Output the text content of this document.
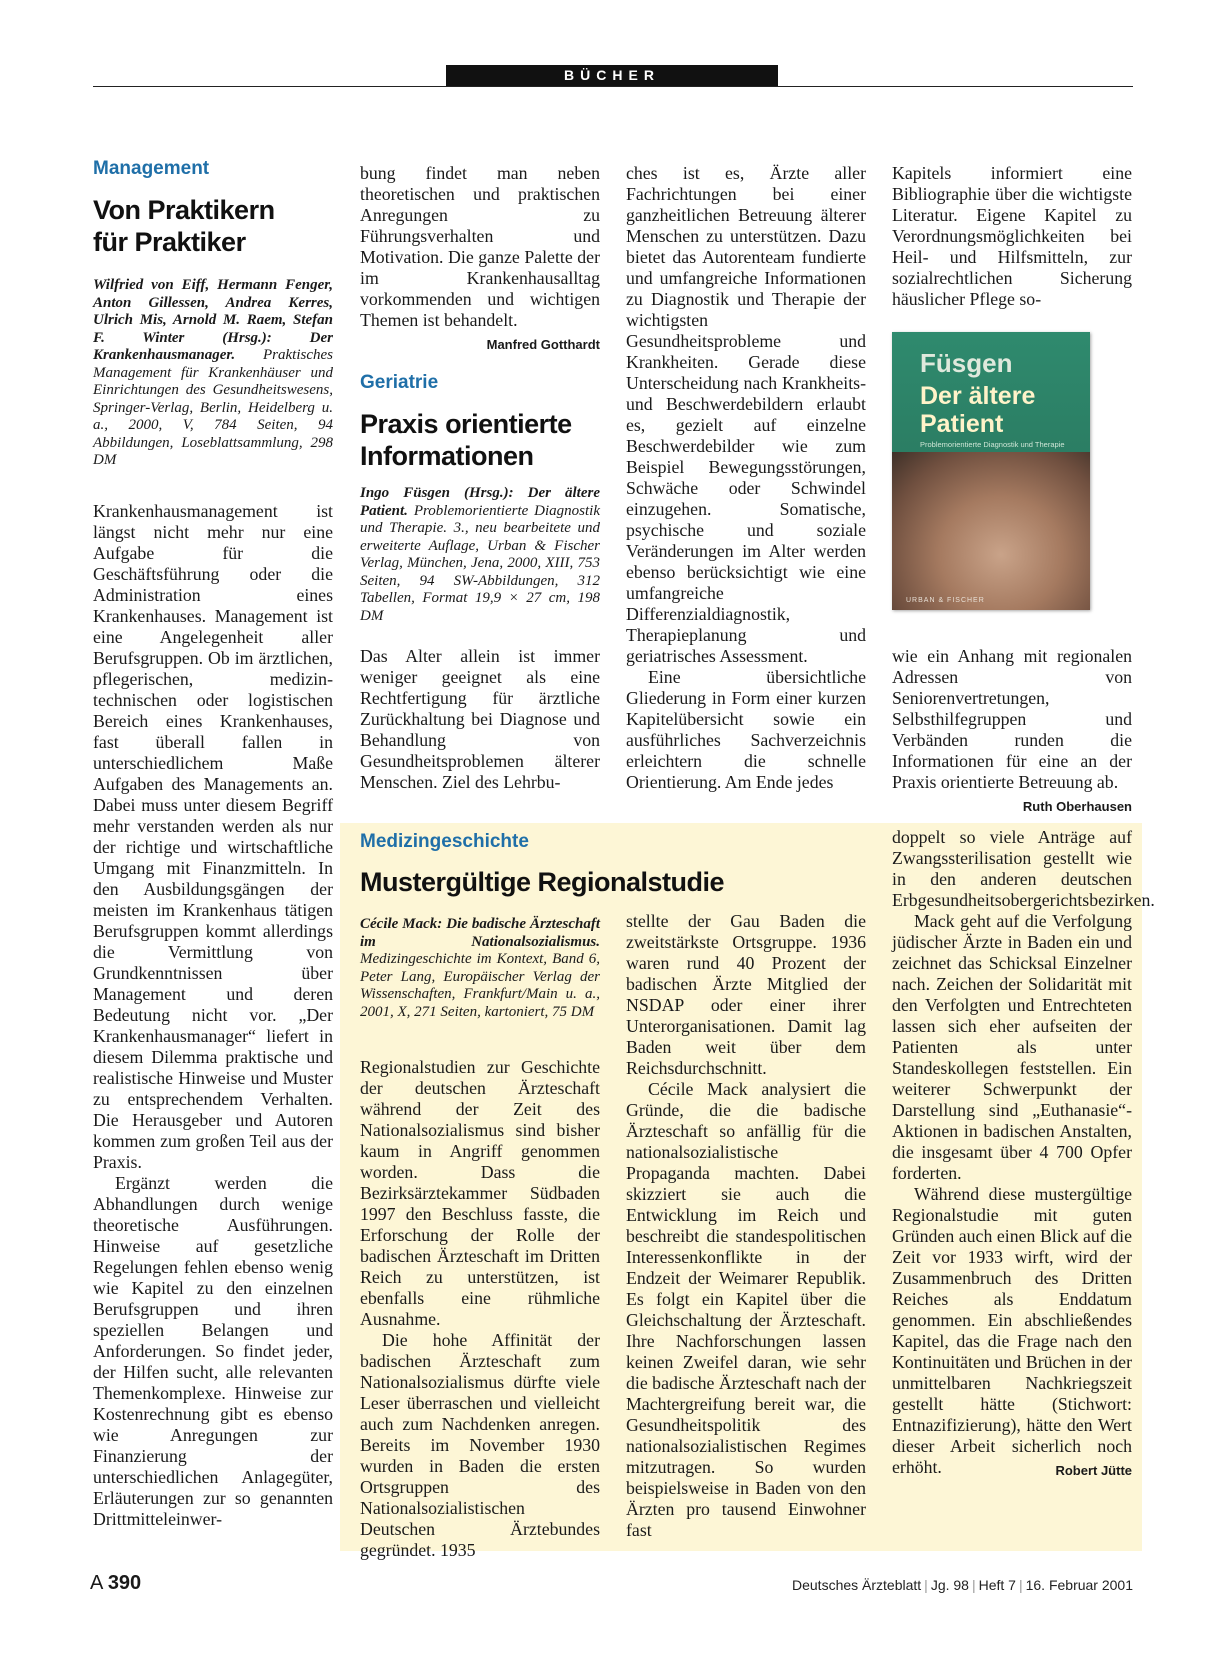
BÜCHER
Management
Von Praktikern
für Praktiker

Wilfried von Eiff, Hermann Fenger, Anton Gillessen, Andrea Kerres, Ulrich Mis, Arnold M. Raem, Stefan F. Winter (Hrsg.): Der Krankenhausmanager. Praktisches Management für Krankenhäuser und Einrichtungen des Gesundheitswesens, Springer-Verlag, Berlin, Heidelberg u. a., 2000, V, 784 Seiten, 94 Abbildungen, Loseblattsammlung, 298 DM

Krankenhausmanagement ist längst nicht mehr nur eine Aufgabe für die Geschäftsführung oder die Administration eines Krankenhauses. Management ist eine Angelegenheit aller Berufsgruppen. Ob im ärztlichen, pflegerischen, medizin-technischen oder logistischen Bereich eines Krankenhauses, fast überall fallen in unterschiedlichem Maße Aufgaben des Managements an. Dabei muss unter diesem Begriff mehr verstanden werden als nur der richtige und wirtschaftliche Umgang mit Finanzmitteln. In den Ausbildungsgängen der meisten im Krankenhaus tätigen Berufsgruppen kommt allerdings die Vermittlung von Grundkenntnissen über Management und deren Bedeutung nicht vor. „Der Krankenhausmanager“ liefert in diesem Dilemma praktische und realistische Hinweise und Muster zu entsprechendem Verhalten. Die Herausgeber und Autoren kommen zum großen Teil aus der Praxis.

Ergänzt werden die Abhandlungen durch wenige theoretische Ausführungen. Hinweise auf gesetzliche Regelungen fehlen ebenso wenig wie Kapitel zu den einzelnen Berufsgruppen und ihren speziellen Belangen und Anforderungen. So findet jeder, der Hilfen sucht, alle relevanten Themenkomplexe. Hinweise zur Kostenrechnung gibt es ebenso wie Anregungen zur Finanzierung der unterschiedlichen Anlagegüter, Erläuterungen zur so genannten Drittmitteleinwer-

bung findet man neben theoretischen und praktischen Anregungen zu Führungsverhalten und Motivation. Die ganze Palette der im Krankenhausalltag vorkommenden und wichtigen Themen ist behandelt.
Manfred Gotthardt

Geriatrie
Praxis orientierte
Informationen

Ingo Füsgen (Hrsg.): Der ältere Patient. Problemorientierte Diagnostik und Therapie. 3., neu bearbeitete und erweiterte Auflage, Urban & Fischer Verlag, München, Jena, 2000, XIII, 753 Seiten, 94 SW-Abbildungen, 312 Tabellen, Format 19,9 × 27 cm, 198 DM

Das Alter allein ist immer weniger geeignet als eine Rechtfertigung für ärztliche Zurückhaltung bei Diagnose und Behandlung von Gesundheitsproblemen älterer Menschen. Ziel des Lehrbu-

ches ist es, Ärzte aller Fachrichtungen bei einer ganzheitlichen Betreuung älterer Menschen zu unterstützen. Dazu bietet das Autorenteam fundierte und umfangreiche Informationen zu Diagnostik und Therapie der wichtigsten Gesundheitsprobleme und Krankheiten. Gerade diese Unterscheidung nach Krankheits- und Beschwerdebildern erlaubt es, gezielt auf einzelne Beschwerdebilder wie zum Beispiel Bewegungsstörungen, Schwäche oder Schwindel einzugehen. Somatische, psychische und soziale Veränderungen im Alter werden ebenso berücksichtigt wie eine umfangreiche Differenzialdiagnostik, Therapieplanung und geriatrisches Assessment.

Eine übersichtliche Gliederung in Form einer kurzen Kapitelübersicht sowie ein ausführliches Sachverzeichnis erleichtern die schnelle Orientierung. Am Ende jedes

Kapitels informiert eine Bibliographie über die wichtigste Literatur. Eigene Kapitel zu Verordnungsmöglichkeiten bei Heil- und Hilfsmitteln, zur sozialrechtlichen Sicherung häuslicher Pflege so-

Füsgen
Der ältere Patient
Problemorientierte Diagnostik und Therapie
URBAN & FISCHER

wie ein Anhang mit regionalen Adressen von Seniorenvertretungen, Selbsthilfegruppen und Verbänden runden die Informationen für eine an der Praxis orientierte Betreuung ab.
Ruth Oberhausen

Medizingeschichte
Mustergültige Regionalstudie

Cécile Mack: Die badische Ärzteschaft im Nationalsozialismus. Medizingeschichte im Kontext, Band 6, Peter Lang, Europäischer Verlag der Wissenschaften, Frankfurt/Main u. a., 2001, X, 271 Seiten, kartoniert, 75 DM

Regionalstudien zur Geschichte der deutschen Ärzteschaft während der Zeit des Nationalsozialismus sind bisher kaum in Angriff genommen worden. Dass die Bezirksärztekammer Südbaden 1997 den Beschluss fasste, die Erforschung der Rolle der badischen Ärzteschaft im Dritten Reich zu unterstützen, ist ebenfalls eine rühmliche Ausnahme.

Die hohe Affinität der badischen Ärzteschaft zum Nationalsozialismus dürfte viele Leser überraschen und vielleicht auch zum Nachdenken anregen. Bereits im November 1930 wurden in Baden die ersten Ortsgruppen des Nationalsozialistischen Deutschen Ärztebundes gegründet. 1935

stellte der Gau Baden die zweitstärkste Ortsgruppe. 1936 waren rund 40 Prozent der badischen Ärzte Mitglied der NSDAP oder einer ihrer Unterorganisationen. Damit lag Baden weit über dem Reichsdurchschnitt.

Cécile Mack analysiert die Gründe, die die badische Ärzteschaft so anfällig für die nationalsozialistische Propaganda machten. Dabei skizziert sie auch die Entwicklung im Reich und beschreibt die standespolitischen Interessenkonflikte in der Endzeit der Weimarer Republik. Es folgt ein Kapitel über die Gleichschaltung der Ärzteschaft. Ihre Nachforschungen lassen keinen Zweifel daran, wie sehr die badische Ärzteschaft nach der Machtergreifung bereit war, die Gesundheitspolitik des nationalsozialistischen Regimes mitzutragen. So wurden beispielsweise in Baden von den Ärzten pro tausend Einwohner fast

doppelt so viele Anträge auf Zwangssterilisation gestellt wie in den anderen deutschen Erbgesundheitsobergerichtsbezirken.

Mack geht auf die Verfolgung jüdischer Ärzte in Baden ein und zeichnet das Schicksal Einzelner nach. Zeichen der Solidarität mit den Verfolgten und Entrechteten lassen sich eher aufseiten der Patienten als unter Standeskollegen feststellen. Ein weiterer Schwerpunkt der Darstellung sind „Euthanasie“-Aktionen in badischen Anstalten, die insgesamt über 4 700 Opfer forderten.

Während diese mustergültige Regionalstudie mit guten Gründen auch einen Blick auf die Zeit vor 1933 wirft, wird der Zusammenbruch des Dritten Reiches als Enddatum genommen. Ein abschließendes Kapitel, das die Frage nach den Kontinuitäten und Brüchen in der unmittelbaren Nachkriegszeit gestellt hätte (Stichwort: Entnazifizierung), hätte den Wert dieser Arbeit sicherlich noch erhöht.	Robert Jütte

A 390	Deutsches Ärzteblatt | Jg. 98 | Heft 7 | 16. Februar 2001
